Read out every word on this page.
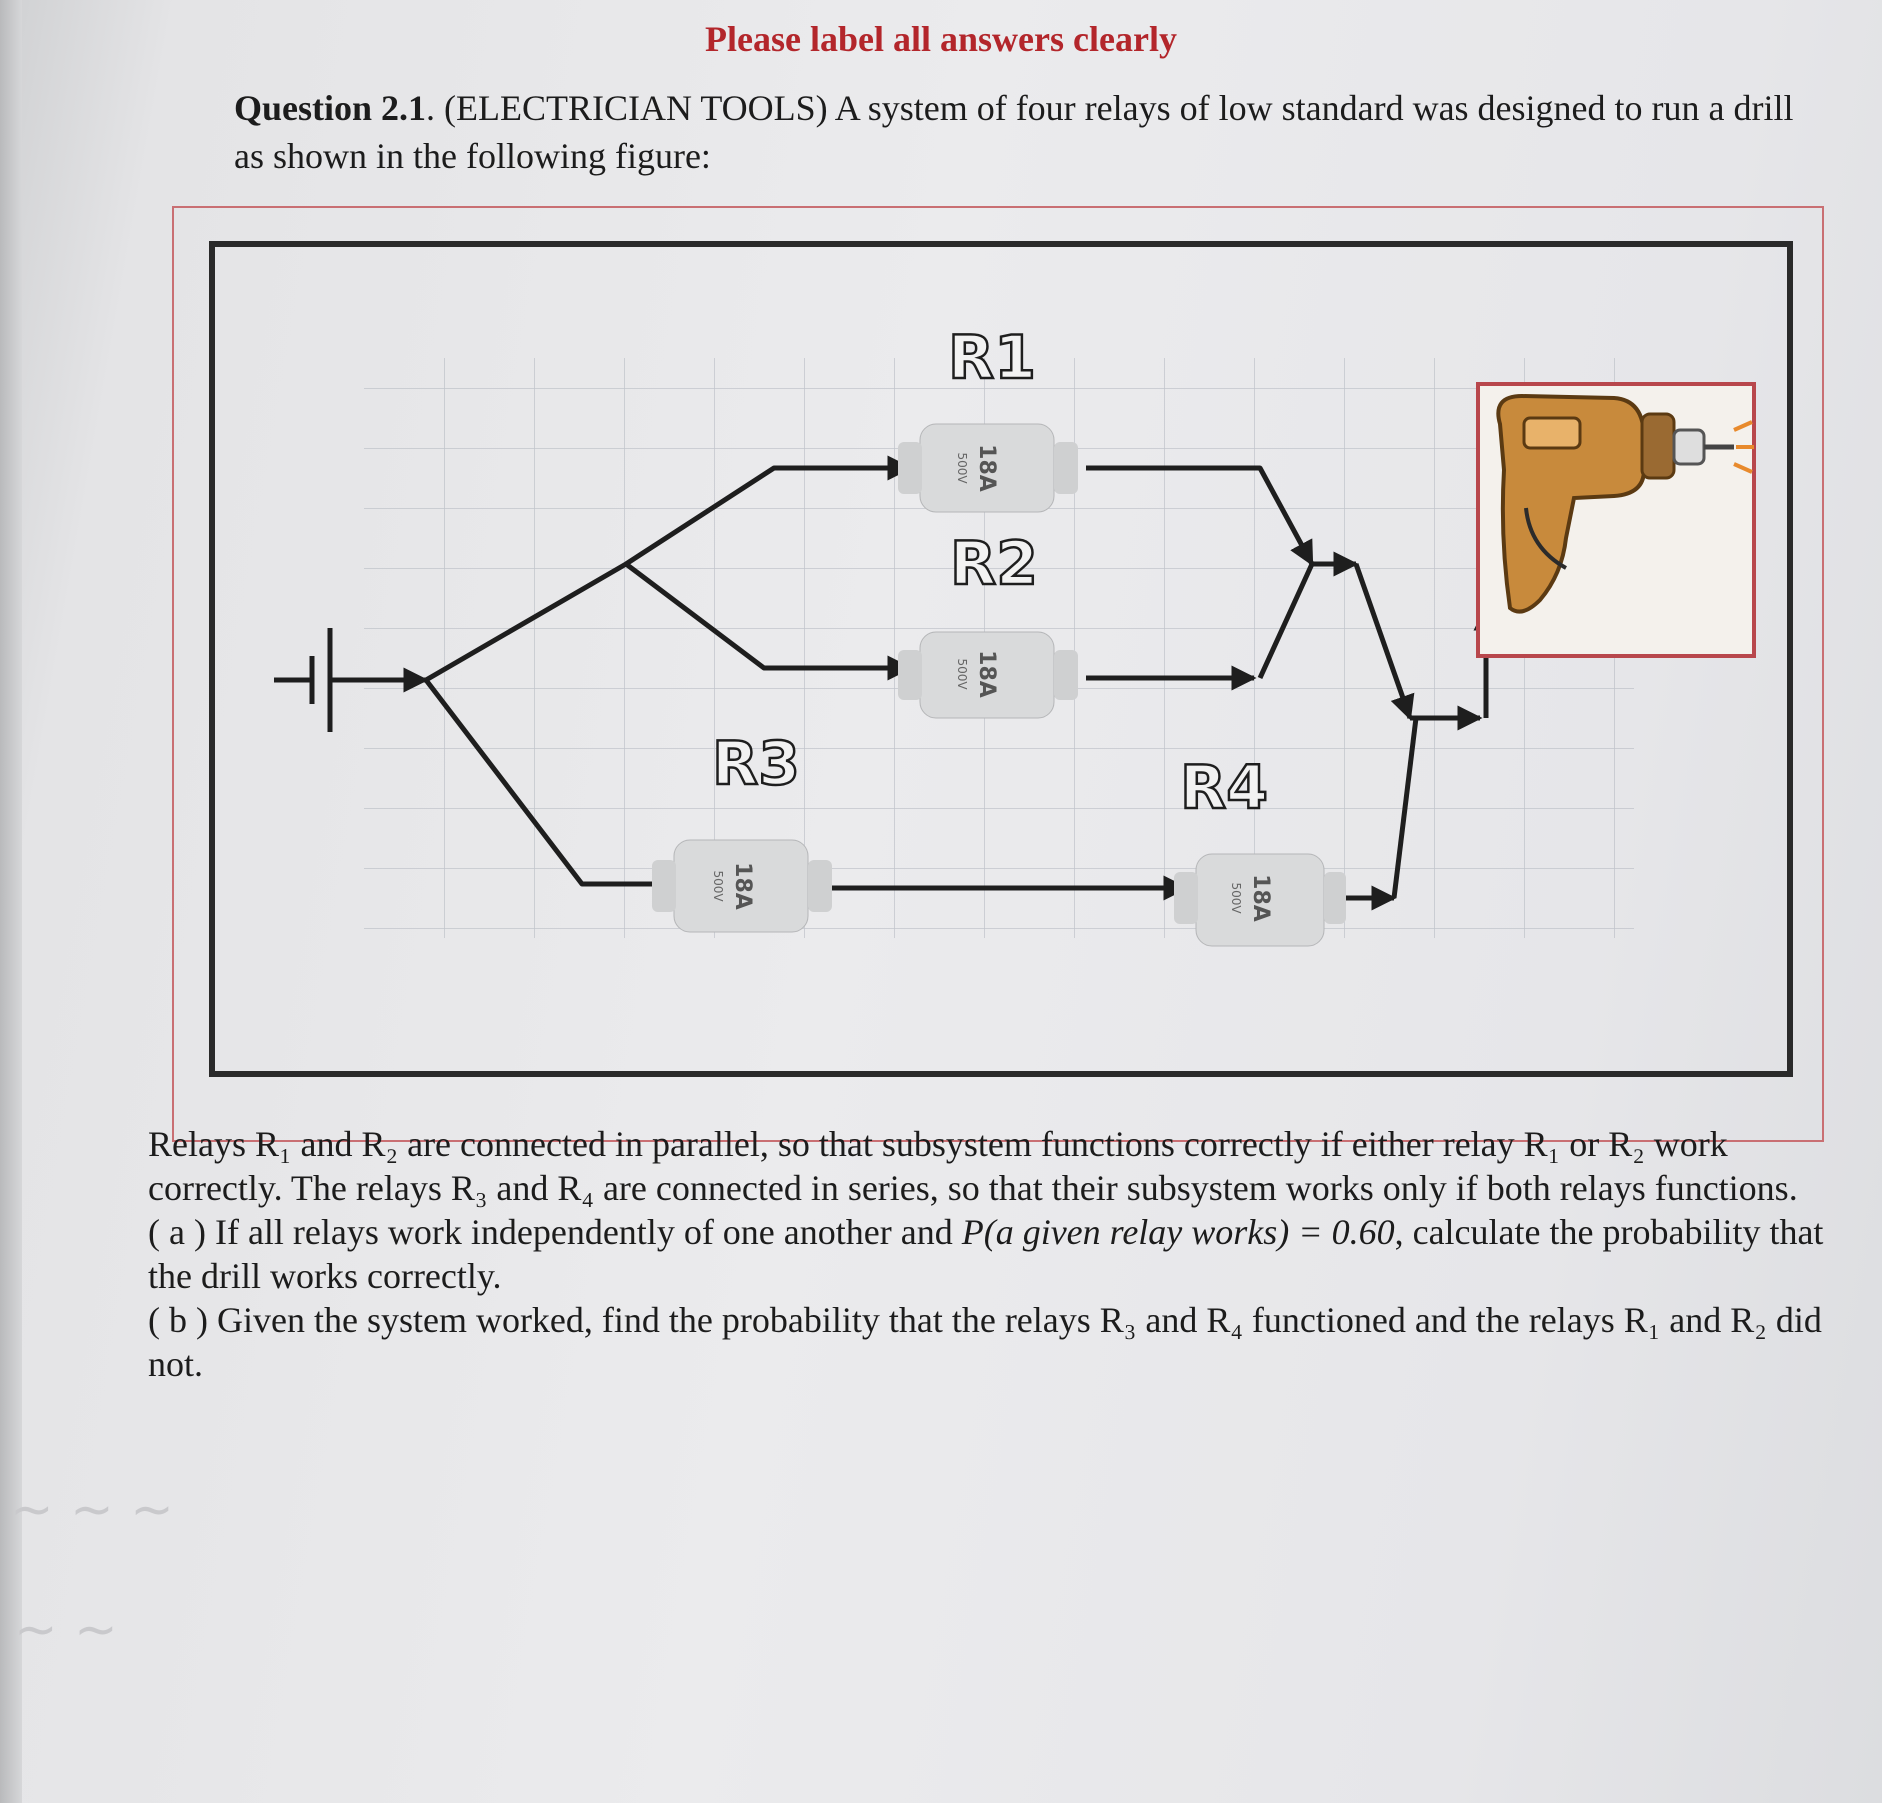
Please label all answers clearly
Question 2.1. (ELECTRICIAN TOOLS) A system of four relays of low standard was designed to run a drill as shown in the following figure:
R1
18A
500V
R2
18A
500V
R3
18A
500V
R4
18A
500V

Relays R₁ and R₂ are connected in parallel, so that subsystem functions correctly if either relay R₁ or R₂ work correctly. The relays R₃ and R₄ are connected in series, so that their subsystem works only if both relays functions.

( a ) If all relays work independently of one another and P(a given relay works) = 0.60, calculate the probability that the drill works correctly.

( b ) Given the system worked, find the probability that the relays R₃ and R₄ functioned and the relays R₁ and R₂ did not.

~ ~ ~
~ ~
